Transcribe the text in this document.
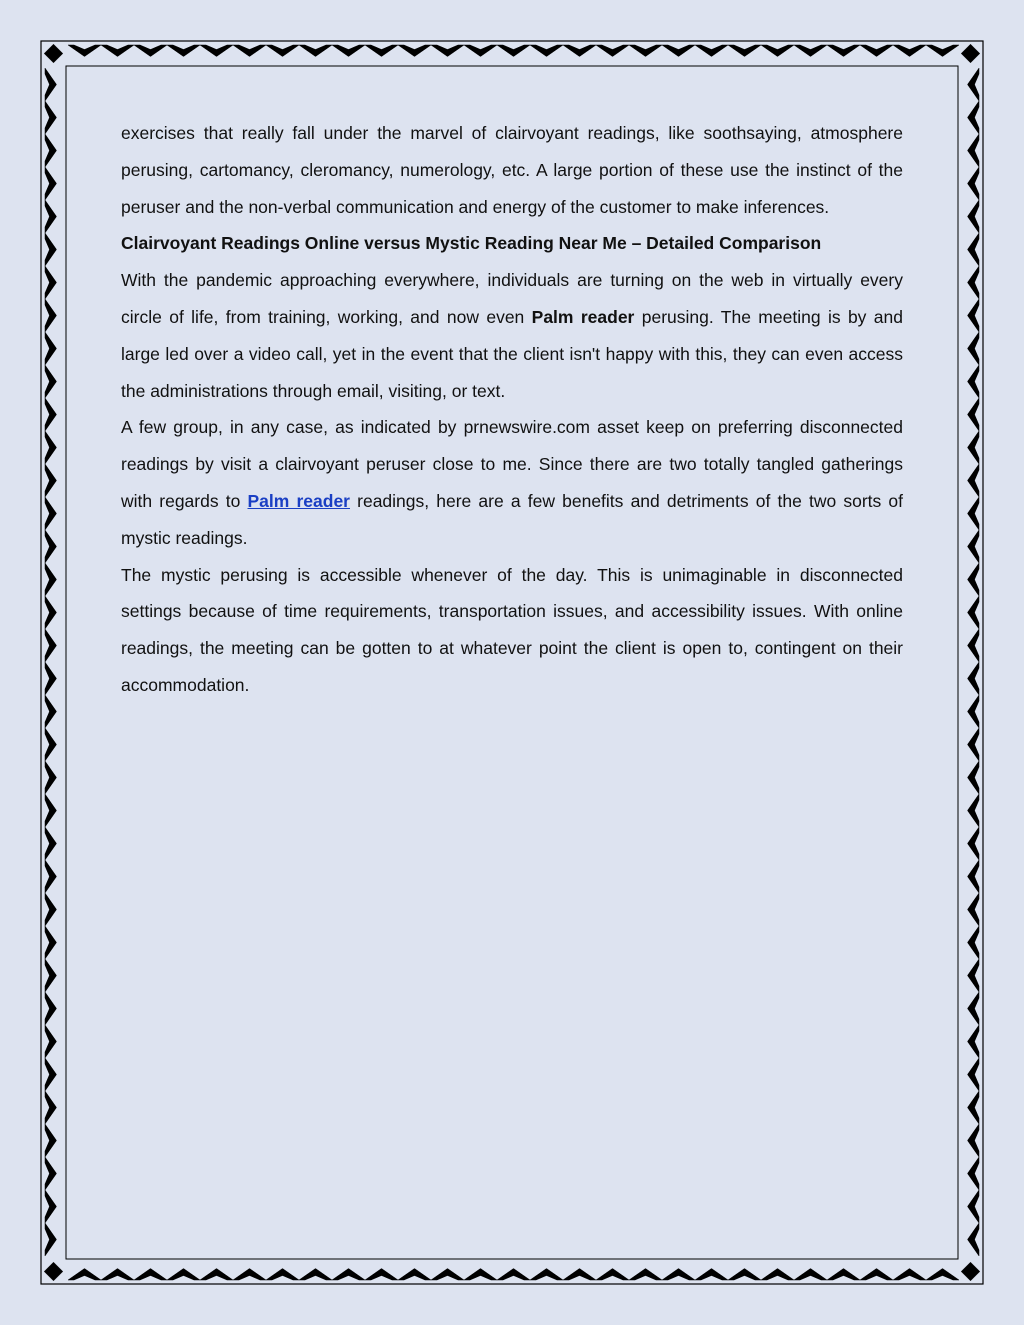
exercises that really fall under the marvel of clairvoyant readings, like soothsaying, atmosphere perusing, cartomancy, cleromancy, numerology, etc. A large portion of these use the instinct of the peruser and the non-verbal communication and energy of the customer to make inferences.

Clairvoyant Readings Online versus Mystic Reading Near Me – Detailed Comparison

With the pandemic approaching everywhere, individuals are turning on the web in virtually every circle of life, from training, working, and now even Palm reader perusing. The meeting is by and large led over a video call, yet in the event that the client isn't happy with this, they can even access the administrations through email, visiting, or text.

A few group, in any case, as indicated by prnewswire.com asset keep on preferring disconnected readings by visit a clairvoyant peruser close to me. Since there are two totally tangled gatherings with regards to Palm reader readings, here are a few benefits and detriments of the two sorts of mystic readings.

The mystic perusing is accessible whenever of the day. This is unimaginable in disconnected settings because of time requirements, transportation issues, and accessibility issues. With online readings, the meeting can be gotten to at whatever point the client is open to, contingent on their accommodation.
